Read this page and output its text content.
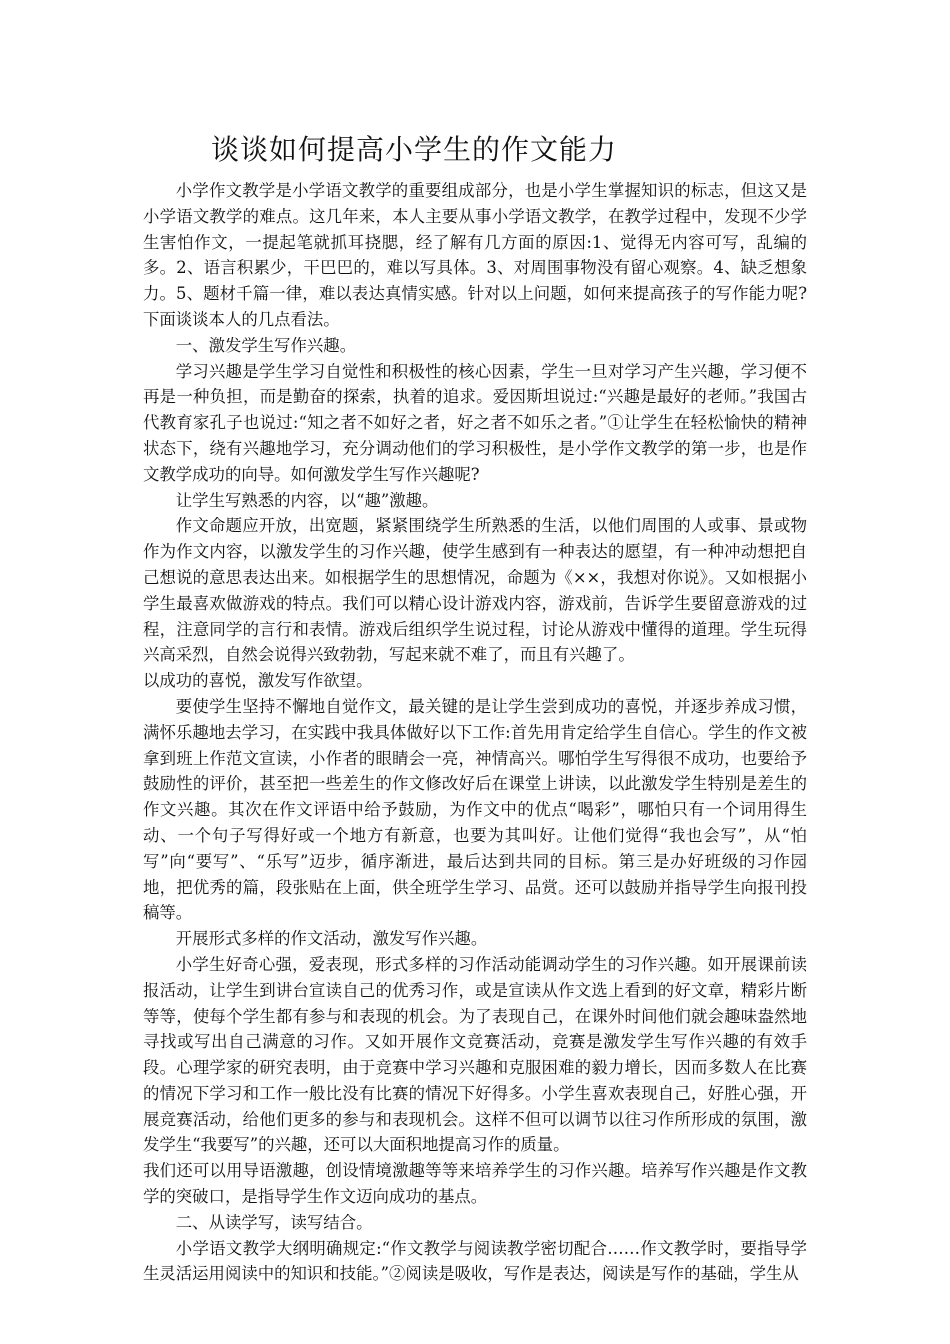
谈谈如何提高小学生的作文能力

小学作文教学是小学语文教学的重要组成部分，也是小学生掌握知识的标志，但这又是小学语文教学的难点。这几年来，本人主要从事小学语文教学，在教学过程中，发现不少学生害怕作文，一提起笔就抓耳挠腮，经了解有几方面的原因:1、觉得无内容可写，乱编的多。2、语言积累少，干巴巴的，难以写具体。3、对周围事物没有留心观察。4、缺乏想象力。5、题材千篇一律，难以表达真情实感。针对以上问题，如何来提高孩子的写作能力呢?下面谈谈本人的几点看法。

一、激发学生写作兴趣。

学习兴趣是学生学习自觉性和积极性的核心因素，学生一旦对学习产生兴趣，学习便不再是一种负担，而是勤奋的探索，执着的追求。爱因斯坦说过:“兴趣是最好的老师。”我国古代教育家孔子也说过:“知之者不如好之者，好之者不如乐之者。”①让学生在轻松愉快的精神状态下，绕有兴趣地学习，充分调动他们的学习积极性，是小学作文教学的第一步，也是作文教学成功的向导。如何激发学生写作兴趣呢?

让学生写熟悉的内容，以“趣”激趣。

作文命题应开放，出宽题，紧紧围绕学生所熟悉的生活，以他们周围的人或事、景或物作为作文内容，以激发学生的习作兴趣，使学生感到有一种表达的愿望，有一种冲动想把自己想说的意思表达出来。如根据学生的思想情况，命题为《××，我想对你说》。又如根据小学生最喜欢做游戏的特点。我们可以精心设计游戏内容，游戏前，告诉学生要留意游戏的过程，注意同学的言行和表情。游戏后组织学生说过程，讨论从游戏中懂得的道理。学生玩得兴高采烈，自然会说得兴致勃勃，写起来就不难了，而且有兴趣了。

以成功的喜悦，激发写作欲望。

要使学生坚持不懈地自觉作文，最关键的是让学生尝到成功的喜悦，并逐步养成习惯，满怀乐趣地去学习，在实践中我具体做好以下工作:首先用肯定给学生自信心。学生的作文被拿到班上作范文宣读，小作者的眼睛会一亮，神情高兴。哪怕学生写得很不成功，也要给予鼓励性的评价，甚至把一些差生的作文修改好后在课堂上讲读，以此激发学生特别是差生的作文兴趣。其次在作文评语中给予鼓励，为作文中的优点“喝彩”，哪怕只有一个词用得生动、一个句子写得好或一个地方有新意，也要为其叫好。让他们觉得“我也会写”，从“怕写”向“要写”、“乐写”迈步，循序渐进，最后达到共同的目标。第三是办好班级的习作园地，把优秀的篇，段张贴在上面，供全班学生学习、品赏。还可以鼓励并指导学生向报刊投稿等。

开展形式多样的作文活动，激发写作兴趣。

小学生好奇心强，爱表现，形式多样的习作活动能调动学生的习作兴趣。如开展课前读报活动，让学生到讲台宣读自己的优秀习作，或是宣读从作文选上看到的好文章，精彩片断等等，使每个学生都有参与和表现的机会。为了表现自己，在课外时间他们就会趣味盎然地寻找或写出自己满意的习作。又如开展作文竞赛活动，竞赛是激发学生写作兴趣的有效手段。心理学家的研究表明，由于竞赛中学习兴趣和克服困难的毅力增长，因而多数人在比赛的情况下学习和工作一般比没有比赛的情况下好得多。小学生喜欢表现自己，好胜心强，开展竞赛活动，给他们更多的参与和表现机会。这样不但可以调节以往习作所形成的氛围，激发学生“我要写”的兴趣，还可以大面积地提高习作的质量。

我们还可以用导语激趣，创设情境激趣等等来培养学生的习作兴趣。培养写作兴趣是作文教学的突破口，是指导学生作文迈向成功的基点。

二、从读学写，读写结合。

小学语文教学大纲明确规定:“作文教学与阅读教学密切配合……作文教学时，要指导学生灵活运用阅读中的知识和技能。”②阅读是吸收，写作是表达，阅读是写作的基础，学生从
